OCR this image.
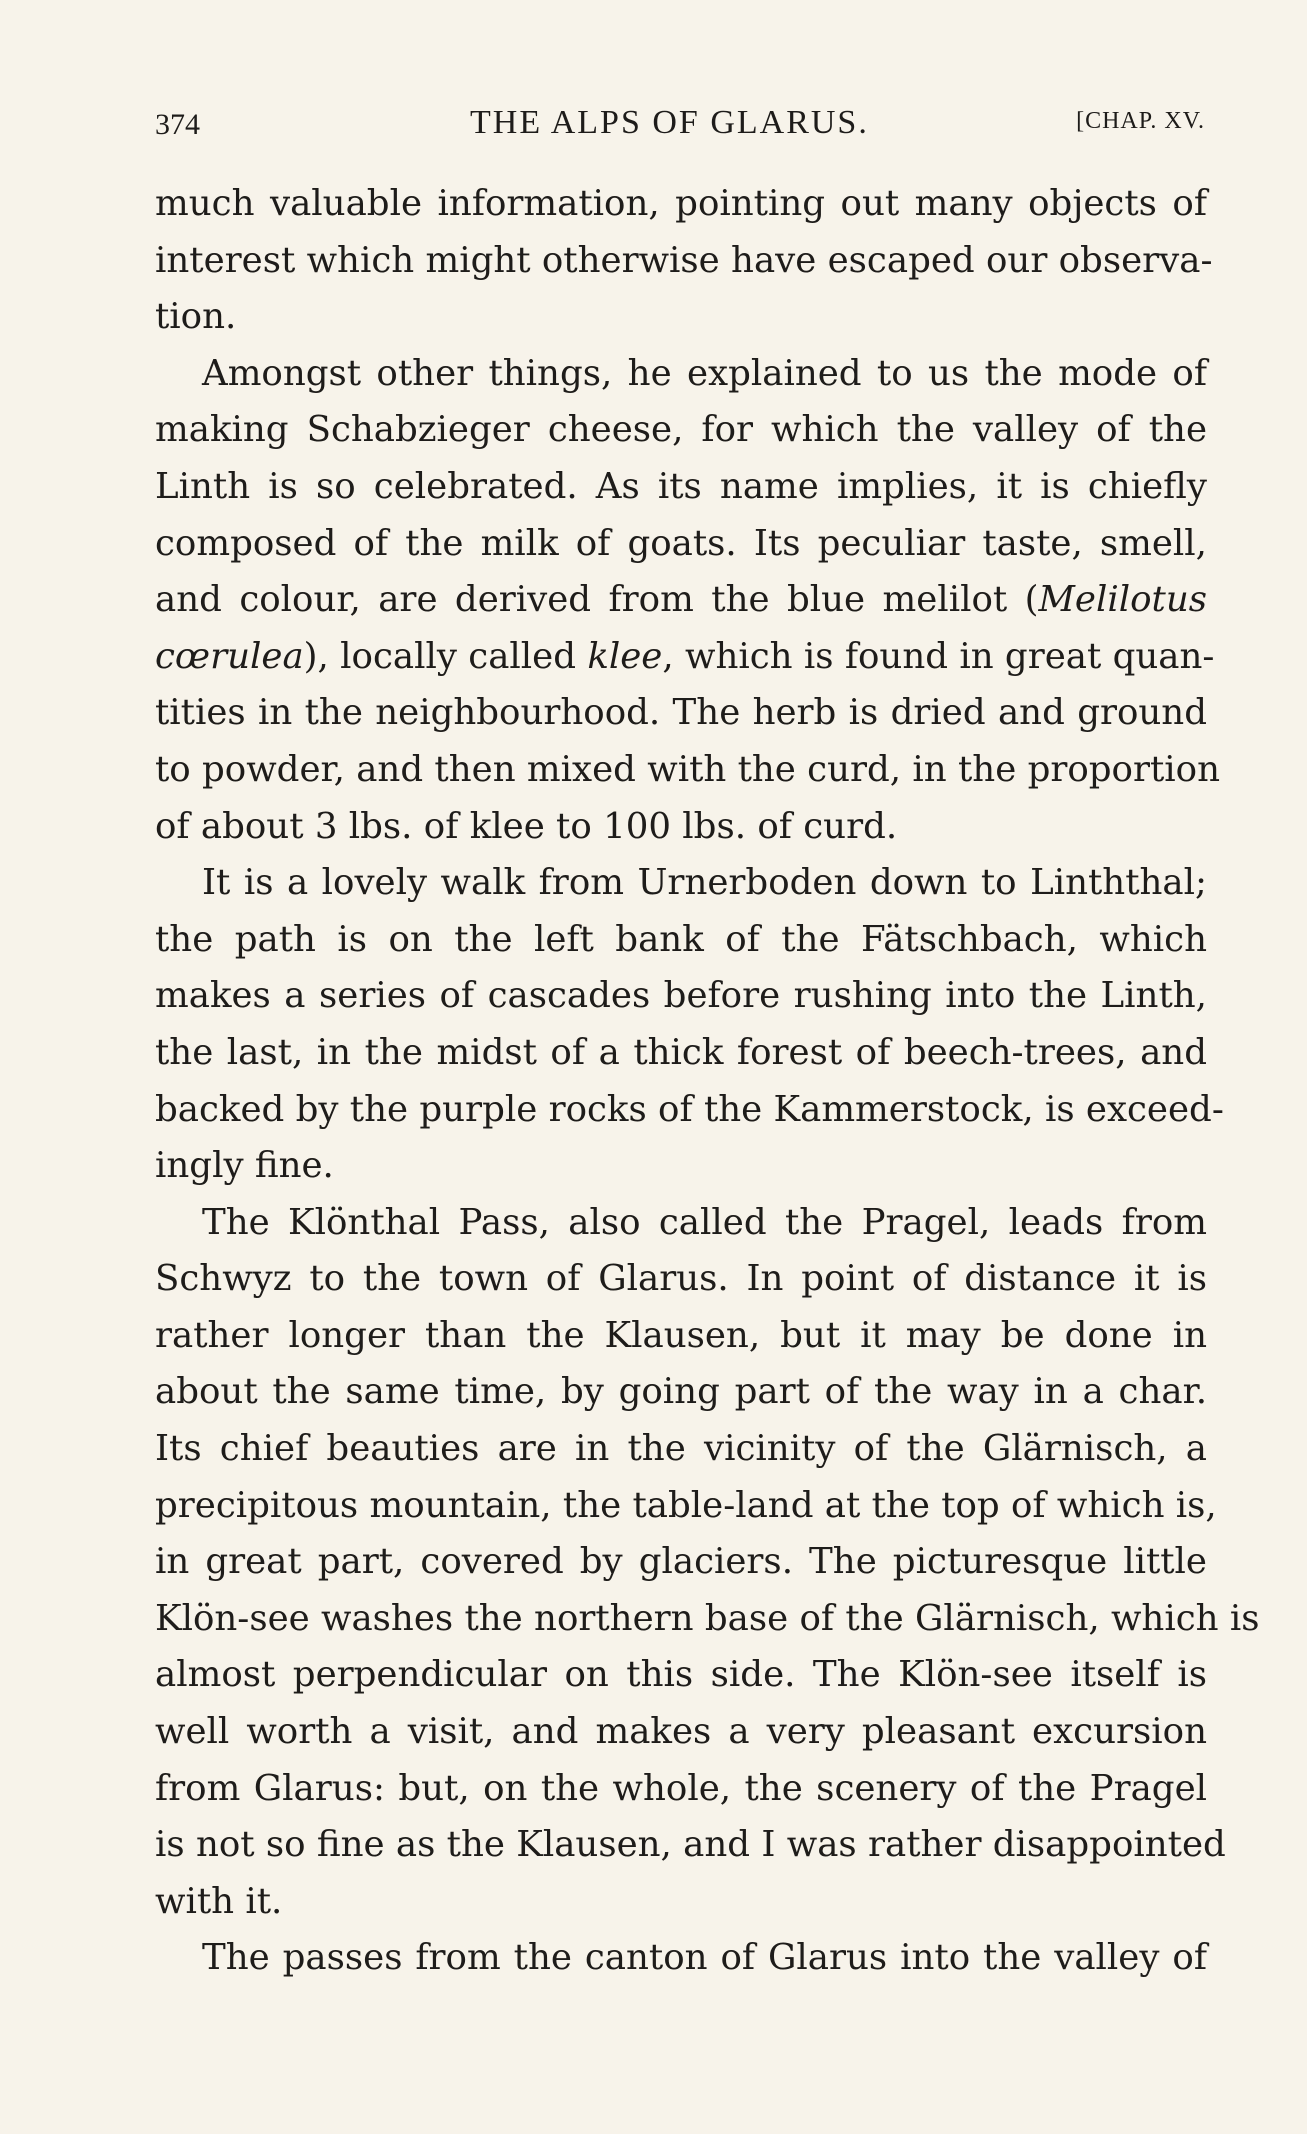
374	THE ALPS OF GLARUS.	[CHAP. XV.
much valuable information, pointing out many objects of
interest which might otherwise have escaped our observa-
tion.
Amongst other things, he explained to us the mode of
making Schabzieger cheese, for which the valley of the
Linth is so celebrated. As its name implies, it is chiefly
composed of the milk of goats. Its peculiar taste, smell,
and colour, are derived from the blue melilot (Melilotus
cœrulea), locally called klee, which is found in great quan-
tities in the neighbourhood. The herb is dried and ground
to powder, and then mixed with the curd, in the proportion
of about 3 lbs. of klee to 100 lbs. of curd.
It is a lovely walk from Urnerboden down to Linththal;
the path is on the left bank of the Fätschbach, which
makes a series of cascades before rushing into the Linth,
the last, in the midst of a thick forest of beech-trees, and
backed by the purple rocks of the Kammerstock, is exceed-
ingly fine.
The Klönthal Pass, also called the Pragel, leads from
Schwyz to the town of Glarus. In point of distance it is
rather longer than the Klausen, but it may be done in
about the same time, by going part of the way in a char.
Its chief beauties are in the vicinity of the Glärnisch, a
precipitous mountain, the table-land at the top of which is,
in great part, covered by glaciers. The picturesque little
Klön-see washes the northern base of the Glärnisch, which is
almost perpendicular on this side. The Klön-see itself is
well worth a visit, and makes a very pleasant excursion
from Glarus: but, on the whole, the scenery of the Pragel
is not so fine as the Klausen, and I was rather disappointed
with it.
The passes from the canton of Glarus into the valley of
